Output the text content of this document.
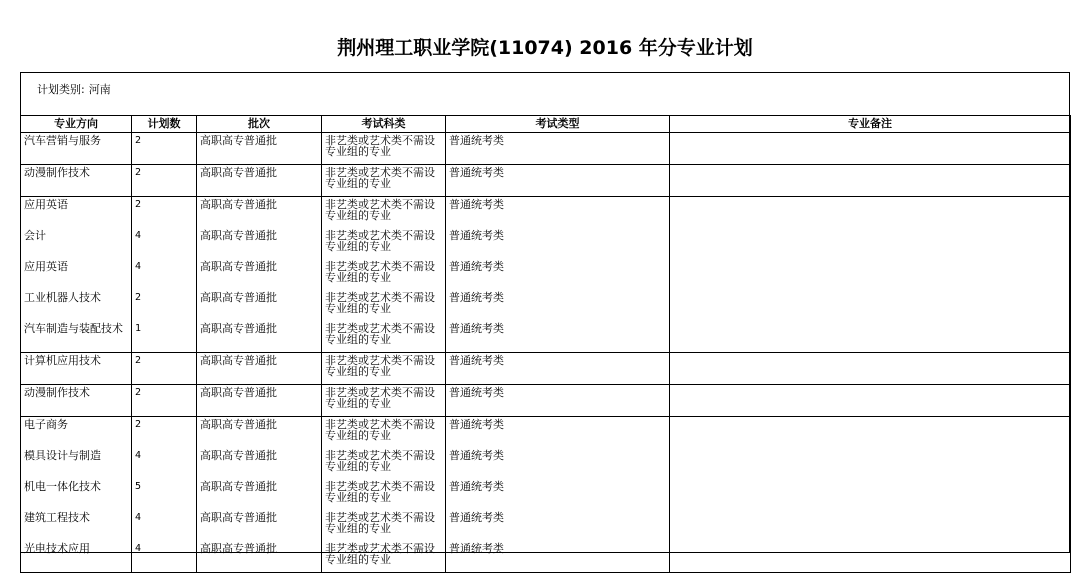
荆州理工职业学院(11074) 2016 年分专业计划
计划类别: 河南
专业方向	计划数	批次	考试科类	考试类型	专业备注
汽车营销与服务	2	高职高专普通批	非艺类或艺术类不需设专业组的专业	普通统考类	
动漫制作技术	2	高职高专普通批	非艺类或艺术类不需设专业组的专业	普通统考类	
应用英语	2	高职高专普通批	非艺类或艺术类不需设专业组的专业	普通统考类	
会计	4	高职高专普通批	非艺类或艺术类不需设专业组的专业	普通统考类	
应用英语	4	高职高专普通批	非艺类或艺术类不需设专业组的专业	普通统考类	
工业机器人技术	2	高职高专普通批	非艺类或艺术类不需设专业组的专业	普通统考类	
汽车制造与装配技术	1	高职高专普通批	非艺类或艺术类不需设专业组的专业	普通统考类	
计算机应用技术	2	高职高专普通批	非艺类或艺术类不需设专业组的专业	普通统考类	
动漫制作技术	2	高职高专普通批	非艺类或艺术类不需设专业组的专业	普通统考类	
电子商务	2	高职高专普通批	非艺类或艺术类不需设专业组的专业	普通统考类	
模具设计与制造	4	高职高专普通批	非艺类或艺术类不需设专业组的专业	普通统考类	
机电一体化技术	5	高职高专普通批	非艺类或艺术类不需设专业组的专业	普通统考类	
建筑工程技术	4	高职高专普通批	非艺类或艺术类不需设专业组的专业	普通统考类	
光电技术应用	4	高职高专普通批	非艺类或艺术类不需设专业组的专业	普通统考类	
